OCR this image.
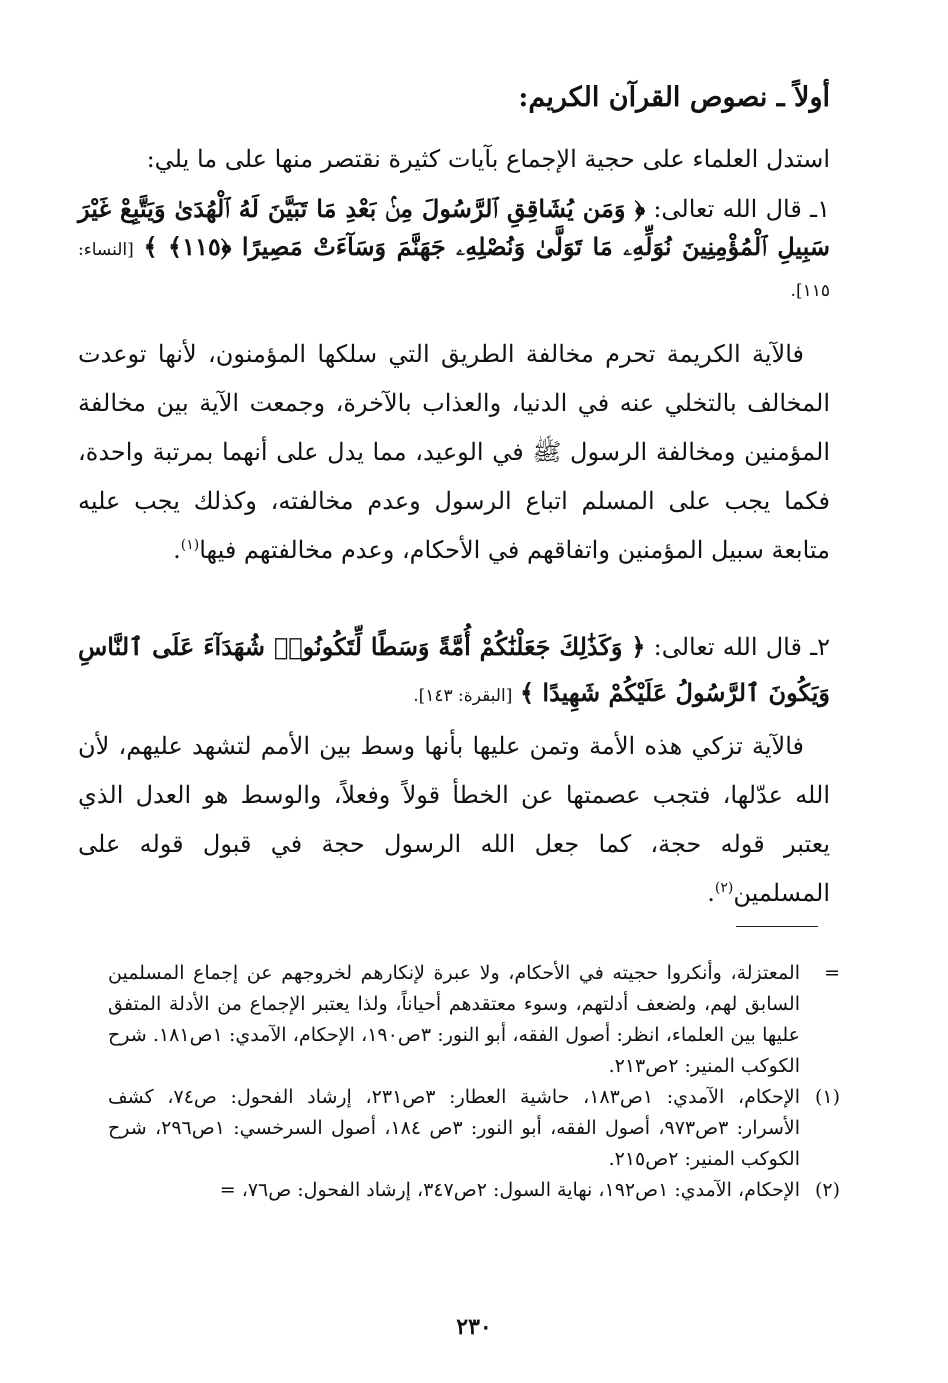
أولاً ـ نصوص القرآن الكريم:
استدل العلماء على حجية الإجماع بآيات كثيرة نقتصر منها على ما يلي:
١ـ قال الله تعالى: ﴿ وَمَن يُشَاقِقِ ٱلرَّسُولَ مِنۢ بَعْدِ مَا تَبَيَّنَ لَهُ ٱلْهُدَىٰ وَيَتَّبِعْ غَيْرَ سَبِيلِ ٱلْمُؤْمِنِينَ نُوَلِّهِۦ مَا تَوَلَّىٰ وَنُصْلِهِۦ جَهَنَّمَ وَسَآءَتْ مَصِيرًا ﴿١١٥﴾ ﴾ [النساء: ١١٥].
فالآية الكريمة تحرم مخالفة الطريق التي سلكها المؤمنون، لأنها توعدت المخالف بالتخلي عنه في الدنيا، والعذاب بالآخرة، وجمعت الآية بين مخالفة المؤمنين ومخالفة الرسول ﷺ في الوعيد، مما يدل على أنهما بمرتبة واحدة، فكما يجب على المسلم اتباع الرسول وعدم مخالفته، وكذلك يجب عليه متابعة سبيل المؤمنين واتفاقهم في الأحكام، وعدم مخالفتهم فيها$^{(١)}$.
٢ـ قال الله تعالى: ﴿ وَكَذَٰلِكَ جَعَلْنَٰكُمْ أُمَّةً وَسَطًا لِّتَكُونُوا۟ شُهَدَآءَ عَلَى ٱلنَّاسِ وَيَكُونَ ٱلرَّسُولُ عَلَيْكُمْ شَهِيدًا ﴾ [البقرة: ١٤٣].
فالآية تزكي هذه الأمة وتمن عليها بأنها وسط بين الأمم لتشهد عليهم، لأن الله عدّلها، فتجب عصمتها عن الخطأ قولاً وفعلاً، والوسط هو العدل الذي يعتبر قوله حجة، كما جعل الله الرسول حجة في قبول قوله على المسلمين$^{(٢)}$.
=
المعتزلة، وأنكروا حجيته في الأحكام، ولا عبرة لإنكارهم لخروجهم عن إجماع المسلمين السابق لهم، ولضعف أدلتهم، وسوء معتقدهم أحياناً، ولذا يعتبر الإجماع من الأدلة المتفق عليها بين العلماء، انظر: أصول الفقه، أبو النور: ٣ص١٩٠، الإحكام، الآمدي: ١ص١٨١. شرح الكوكب المنير: ٢ص٢١٣.
(١)
الإحكام، الآمدي: ١ص١٨٣، حاشية العطار: ٣ص٢٣١، إرشاد الفحول: ص٧٤، كشف الأسرار: ٣ص٩٧٣، أصول الفقه، أبو النور: ٣ص ١٨٤، أصول السرخسي: ١ص٢٩٦، شرح الكوكب المنير: ٢ص٢١٥.
(٢)
الإحكام، الآمدي: ١ص١٩٢، نهاية السول: ٢ص٣٤٧، إرشاد الفحول: ص٧٦، =
٢٣٠
